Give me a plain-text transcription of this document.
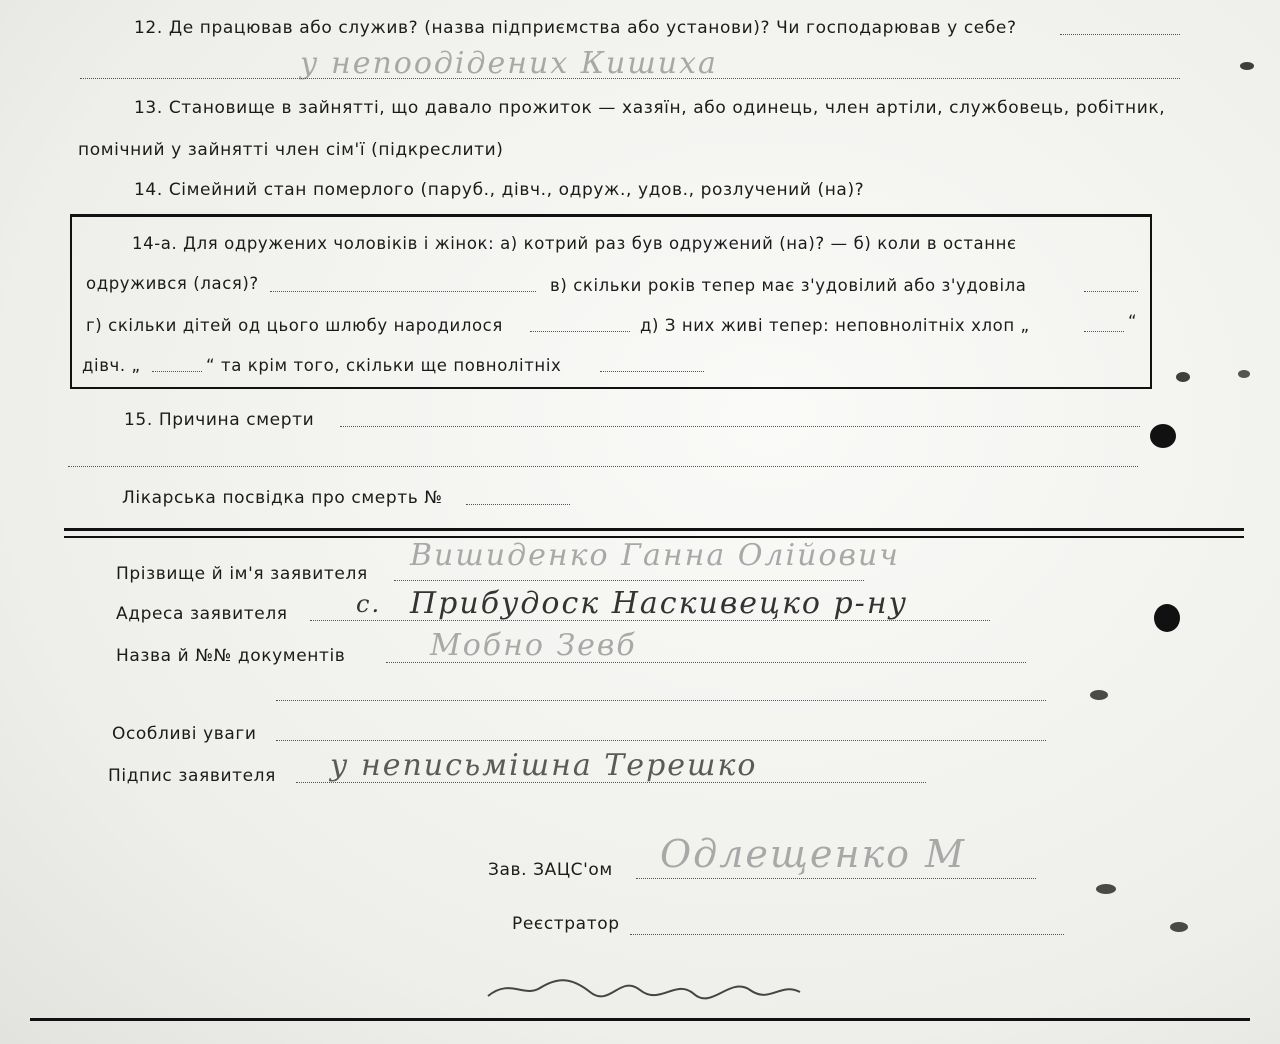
12. Де працював або служив? (назва підприємства або установи)? Чи господарював у себе?
у непоодідених Кишиха
13. Становище в зайнятті, що давало прожиток — хазяїн, або одинець, член артіли, службовець, робітник,
помічний у зайнятті член сім'ї (підкреслити)
14. Сімейний стан померлого (паруб., дівч., одруж., удов., розлучений (на)?
14-а. Для одружених чоловіків і жінок: а) котрий раз був одружений (на)? — б) коли в останнє
одружився (лася)?	в) скільки років тепер має з'удовілий або з'удовіла
г) скільки дітей од цього шлюбу народилося	д) З них живі тепер: неповнолітніх хлоп „	“
дівч. „	“ та крім того, скільки ще повнолітніх
15. Причина смерти
Лікарська посвідка про смерть №
Прізвище й ім'я заявителя
Вишиденко Ганна Олійович
Адреса заявителя	с. Прибудоск Наскивецко р-ну
Назва й №№ документів	Мобно Зевб
Особливі уваги
Підпис заявителя у неписьмішна Терешко
Зав. ЗАЦС'ом Одлещенко М
Реєстратор
